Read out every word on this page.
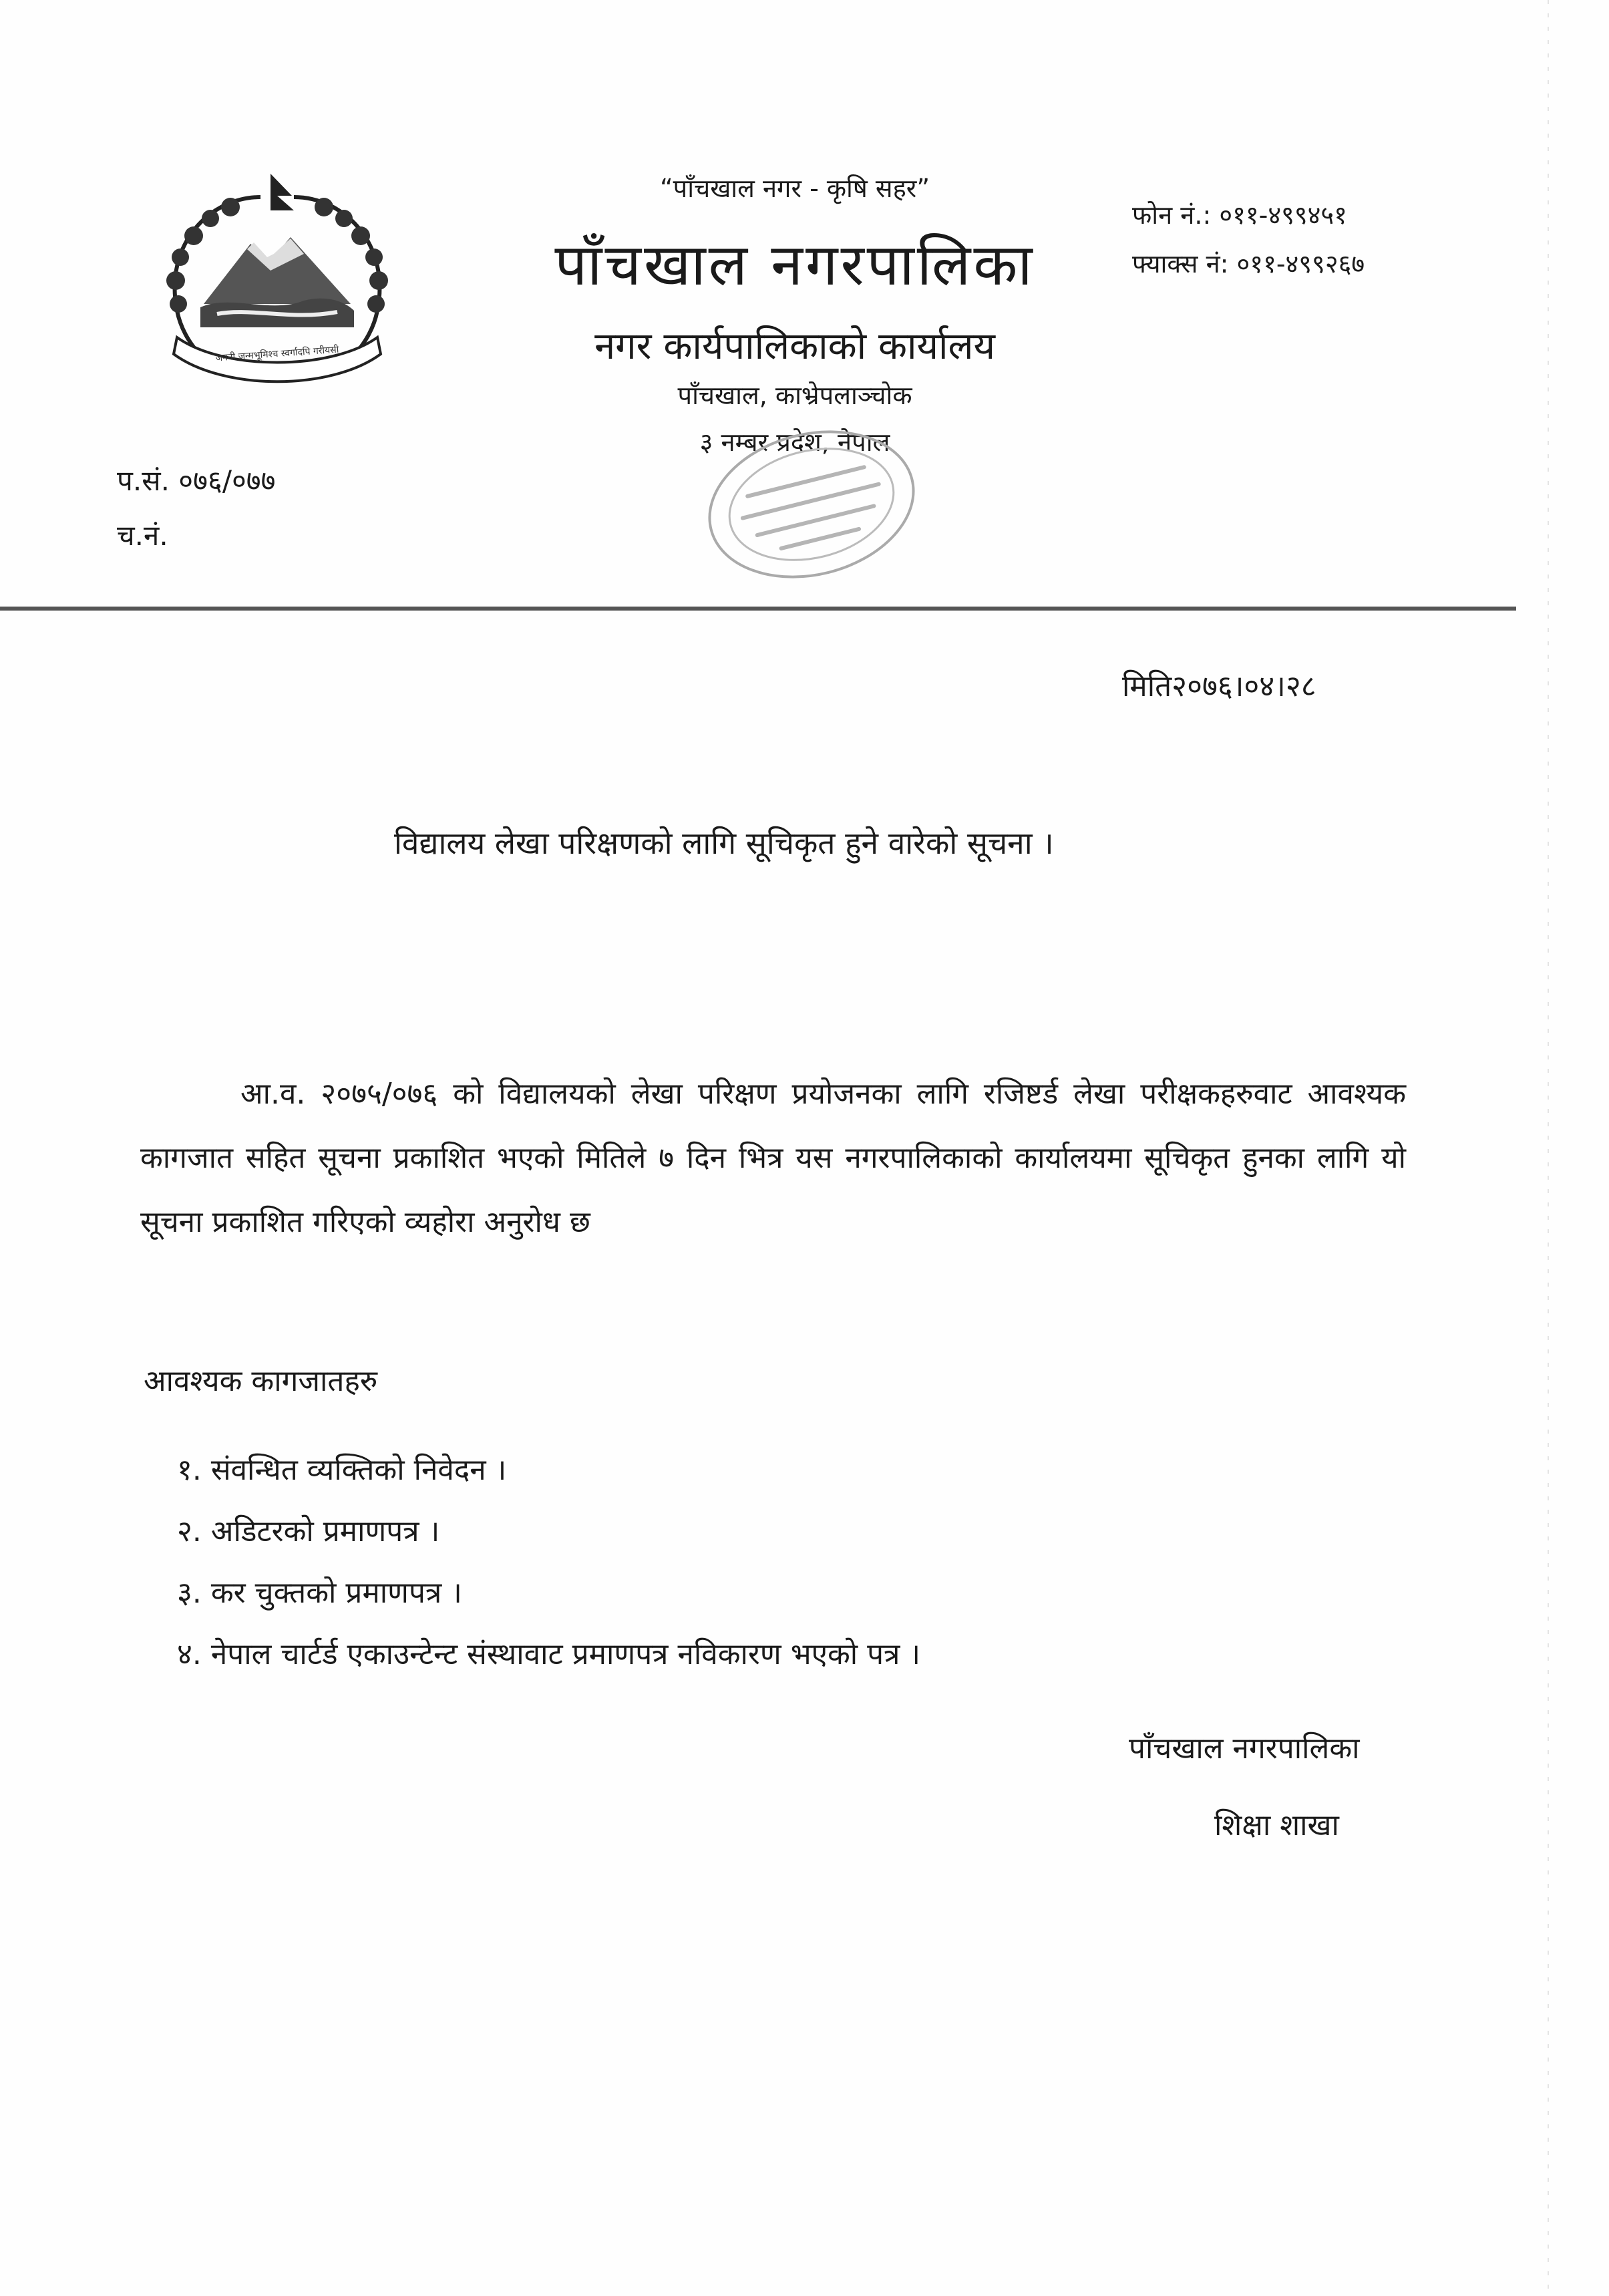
जननी जन्मभूमिश्च स्वर्गादपि गरीयसी
“पाँचखाल नगर - कृषि सहर”
पाँचखाल नगरपालिका
नगर कार्यपालिकाको कार्यालय
पाँचखाल, काभ्रेपलाञ्चोक
३ नम्बर प्रदेश, नेपाल
फोन नं.: ०११-४९९४५१
फ्याक्स नं: ०११-४९९२६७
प.सं. ०७६/०७७
च.नं.
मिति२०७६।०४।२८
विद्यालय लेखा परिक्षणको लागि सूचिकृत हुने वारेको सूचना ।
आ.व. २०७५/०७६ को विद्यालयको लेखा परिक्षण प्रयोजनका लागि रजिष्टर्ड लेखा परीक्षकहरुवाट आवश्यक कागजात सहित सूचना प्रकाशित भएको मितिले ७ दिन भित्र यस नगरपालिकाको कार्यालयमा सूचिकृत हुनका लागि यो सूचना प्रकाशित गरिएको व्यहोरा अनुरोध छ
आवश्यक कागजातहरु
१. संवन्धित व्यक्तिको निवेदन ।
२. अडिटरको प्रमाणपत्र ।
३. कर चुक्तको प्रमाणपत्र ।
४. नेपाल चार्टर्ड एकाउन्टेन्ट संस्थावाट प्रमाणपत्र नविकारण भएको पत्र ।
पाँचखाल नगरपालिका
शिक्षा शाखा
